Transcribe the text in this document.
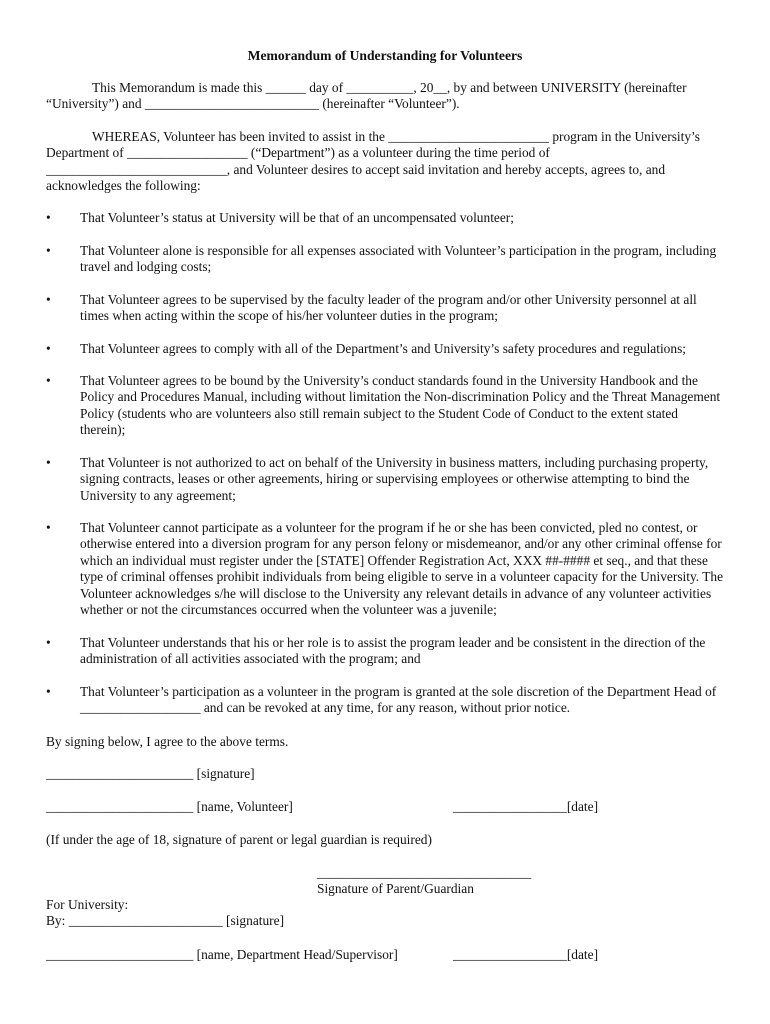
Memorandum of Understanding for Volunteers
This Memorandum is made this ______ day of __________, 20__, by and between UNIVERSITY (hereinafter “University”) and __________________________ (hereinafter “Volunteer”).
WHEREAS, Volunteer has been invited to assist in the ________________________ program in the University’s Department of __________________ (“Department”) as a volunteer during the time period of ___________________________, and Volunteer desires to accept said invitation and hereby accepts, agrees to, and acknowledges the following:
•	That Volunteer’s status at University will be that of an uncompensated volunteer;
•	That Volunteer alone is responsible for all expenses associated with Volunteer’s participation in the program, including travel and lodging costs;
•	That Volunteer agrees to be supervised by the faculty leader of the program and/or other University personnel at all times when acting within the scope of his/her volunteer duties in the program;
•	That Volunteer agrees to comply with all of the Department’s and University’s safety procedures and regulations;
•	That Volunteer agrees to be bound by the University’s conduct standards found in the University Handbook and the Policy and Procedures Manual, including without limitation the Non-discrimination Policy and the Threat Management Policy (students who are volunteers also still remain subject to the Student Code of Conduct to the extent stated therein);
•	That Volunteer is not authorized to act on behalf of the University in business matters, including purchasing property, signing contracts, leases or other agreements, hiring or supervising employees or otherwise attempting to bind the University to any agreement;
•	That Volunteer cannot participate as a volunteer for the program if he or she has been convicted, pled no contest, or otherwise entered into a diversion program for any person felony or misdemeanor, and/or any other criminal offense for which an individual must register under the [STATE] Offender Registration Act, XXX ##-#### et seq., and that these type of criminal offenses prohibit individuals from being eligible to serve in a volunteer capacity for the University. The Volunteer acknowledges s/he will disclose to the University any relevant details in advance of any volunteer activities whether or not the circumstances occurred when the volunteer was a juvenile;
•	That Volunteer understands that his or her role is to assist the program leader and be consistent in the direction of the administration of all activities associated with the program; and
•	That Volunteer’s participation as a volunteer in the program is granted at the sole discretion of the Department Head of __________________ and can be revoked at any time, for any reason, without prior notice.
By signing below, I agree to the above terms.
______________________ [signature]
______________________ [name, Volunteer]	_________________[date]
(If under the age of 18, signature of parent or legal guardian is required)
________________________________
Signature of Parent/Guardian
For University:
By: _______________________ [signature]
______________________ [name, Department Head/Supervisor]	_________________[date]
